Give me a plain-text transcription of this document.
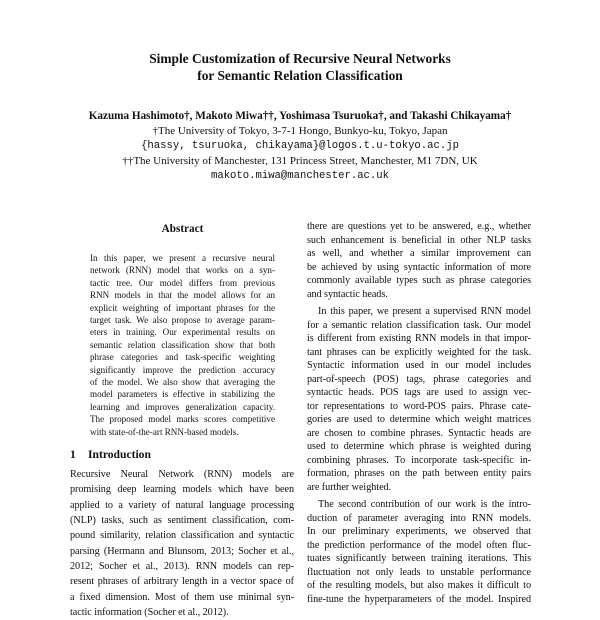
Simple Customization of Recursive Neural Networks
for Semantic Relation Classification
Kazuma Hashimoto†, Makoto Miwa††, Yoshimasa Tsuruoka†, and Takashi Chikayama†
†The University of Tokyo, 3-7-1 Hongo, Bunkyo-ku, Tokyo, Japan
{hassy, tsuruoka, chikayama}@logos.t.u-tokyo.ac.jp
††The University of Manchester, 131 Princess Street, Manchester, M1 7DN, UK
makoto.miwa@manchester.ac.uk
Abstract
In this paper, we present a recursive neural
network (RNN) model that works on a syn-
tactic tree. Our model differs from previous
RNN models in that the model allows for an
explicit weighting of important phrases for the
target task. We also propose to average param-
eters in training. Our experimental results on
semantic relation classification show that both
phrase categories and task-specific weighting
significantly improve the prediction accuracy
of the model. We also show that averaging the
model parameters is effective in stabilizing the
learning and improves generalization capacity.
The proposed model marks scores competitive
with state-of-the-art RNN-based models.
1 Introduction
Recursive Neural Network (RNN) models are
promising deep learning models which have been
applied to a variety of natural language processing
(NLP) tasks, such as sentiment classification, com-
pound similarity, relation classification and syntactic
parsing (Hermann and Blunsom, 2013; Socher et al.,
2012; Socher et al., 2013). RNN models can rep-
resent phrases of arbitrary length in a vector space of
a fixed dimension. Most of them use minimal syn-
tactic information (Socher et al., 2012).
there are questions yet to be answered, e.g., whether
such enhancement is beneficial in other NLP tasks
as well, and whether a similar improvement can
be achieved by using syntactic information of more
commonly available types such as phrase categories
and syntactic heads.
In this paper, we present a supervised RNN model
for a semantic relation classification task. Our model
is different from existing RNN models in that impor-
tant phrases can be explicitly weighted for the task.
Syntactic information used in our model includes
part-of-speech (POS) tags, phrase categories and
syntactic heads. POS tags are used to assign vec-
tor representations to word-POS pairs. Phrase cate-
gories are used to determine which weight matrices
are chosen to combine phrases. Syntactic heads are
used to determine which phrase is weighted during
combining phrases. To incorporate task-specific in-
formation, phrases on the path between entity pairs
are further weighted.
The second contribution of our work is the intro-
duction of parameter averaging into RNN models.
In our preliminary experiments, we observed that
the prediction performance of the model often fluc-
tuates significantly between training iterations. This
fluctuation not only leads to unstable performance
of the resulting models, but also makes it difficult to
fine-tune the hyperparameters of the model. Inspired
